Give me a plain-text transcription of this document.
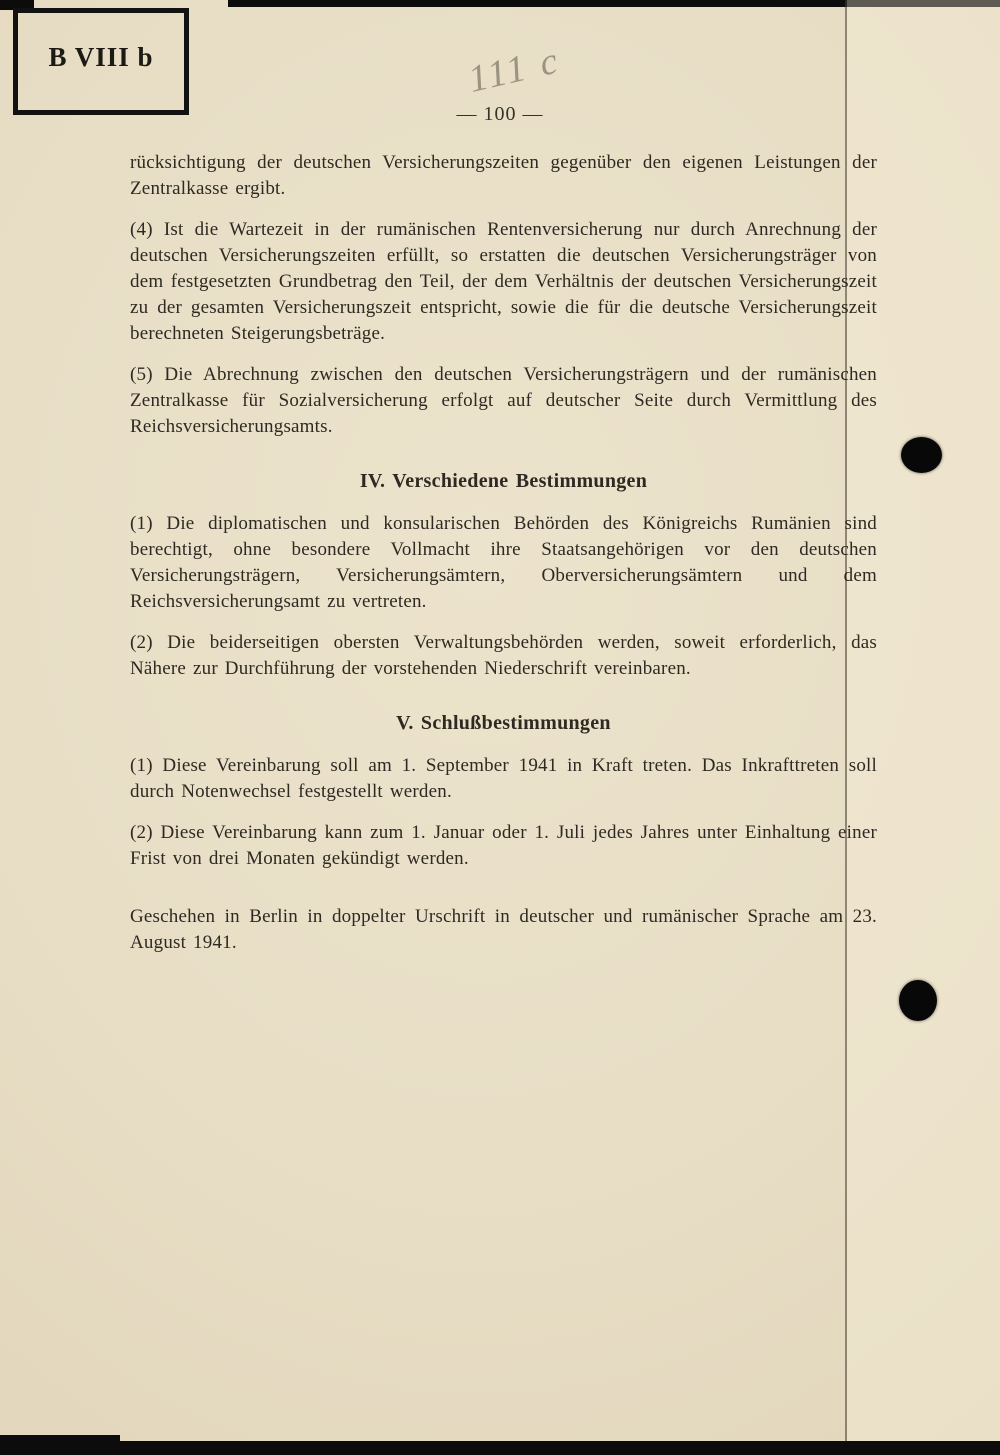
B VIII b	111 c
— 100 —

rücksichtigung der deutschen Versicherungszeiten gegenüber den eigenen Leistungen der Zentralkasse ergibt.

(4) Ist die Wartezeit in der rumänischen Rentenversicherung nur durch Anrechnung der deutschen Versicherungszeiten erfüllt, so erstatten die deutschen Versicherungsträger von dem festgesetzten Grundbetrag den Teil, der dem Verhältnis der deutschen Versicherungszeit zu der gesamten Versicherungszeit entspricht, sowie die für die deutsche Versicherungszeit berechneten Steigerungsbeträge.

(5) Die Abrechnung zwischen den deutschen Versicherungsträgern und der rumänischen Zentralkasse für Sozialversicherung erfolgt auf deutscher Seite durch Vermittlung des Reichsversicherungsamts.

IV. Verschiedene Bestimmungen

(1) Die diplomatischen und konsularischen Behörden des Königreichs Rumänien sind berechtigt, ohne besondere Vollmacht ihre Staatsangehörigen vor den deutschen Versicherungsträgern, Versicherungsämtern, Oberversicherungsämtern und dem Reichsversicherungsamt zu vertreten.

(2) Die beiderseitigen obersten Verwaltungsbehörden werden, soweit erforderlich, das Nähere zur Durchführung der vorstehenden Niederschrift vereinbaren.

V. Schlußbestimmungen

(1) Diese Vereinbarung soll am 1. September 1941 in Kraft treten. Das Inkrafttreten soll durch Notenwechsel festgestellt werden.

(2) Diese Vereinbarung kann zum 1. Januar oder 1. Juli jedes Jahres unter Einhaltung einer Frist von drei Monaten gekündigt werden.

Geschehen in Berlin in doppelter Urschrift in deutscher und rumänischer Sprache am 23. August 1941.
